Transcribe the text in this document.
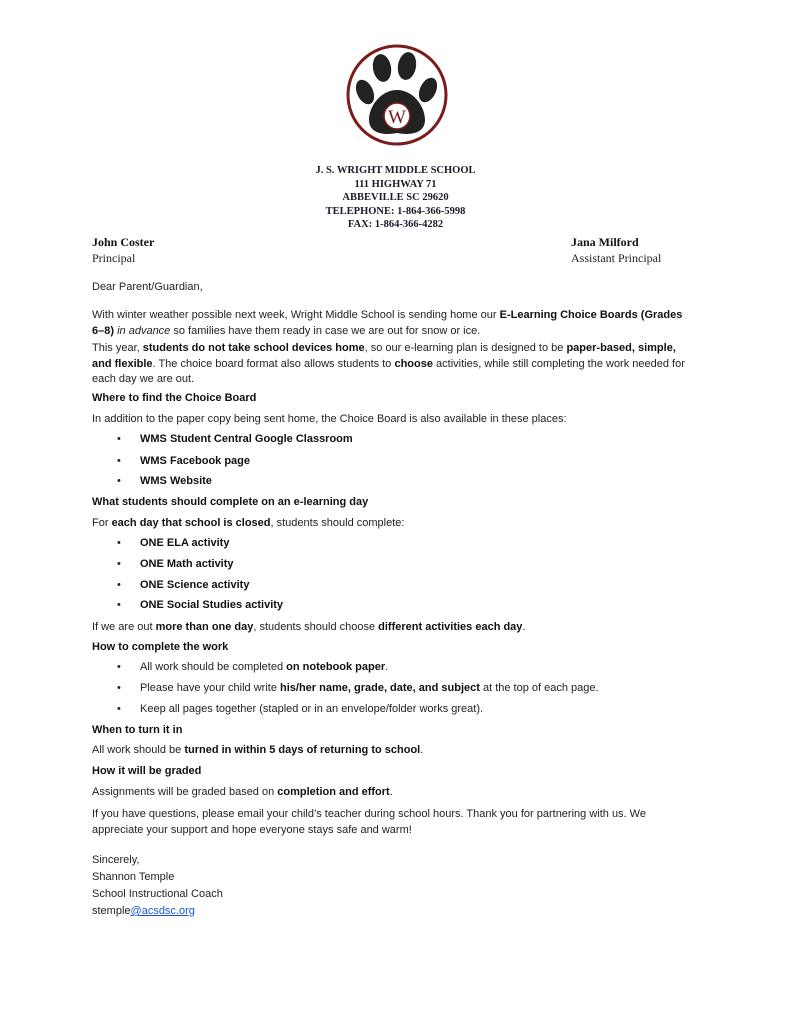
W
J. S. WRIGHT MIDDLE SCHOOL
111 HIGHWAY 71
ABBEVILLE SC 29620
TELEPHONE: 1-864-366-5998
FAX: 1-864-366-4282
John Coster
Principal
Jana Milford
Assistant Principal
Dear Parent/Guardian,
With winter weather possible next week, Wright Middle School is sending home our E-Learning Choice Boards (Grades 6–8) in advance so families have them ready in case we are out for snow or ice.
This year, students do not take school devices home, so our e-learning plan is designed to be paper-based, simple, and flexible. The choice board format also allows students to choose activities, while still completing the work needed for each day we are out.
Where to find the Choice Board
In addition to the paper copy being sent home, the Choice Board is also available in these places:
• WMS Student Central Google Classroom
• WMS Facebook page
• WMS Website
What students should complete on an e-learning day
For each day that school is closed, students should complete:
• ONE ELA activity
• ONE Math activity
• ONE Science activity
• ONE Social Studies activity
If we are out more than one day, students should choose different activities each day.
How to complete the work
• All work should be completed on notebook paper.
• Please have your child write his/her name, grade, date, and subject at the top of each page.
• Keep all pages together (stapled or in an envelope/folder works great).
When to turn it in
All work should be turned in within 5 days of returning to school.
How it will be graded
Assignments will be graded based on completion and effort.
If you have questions, please email your child’s teacher during school hours. Thank you for partnering with us. We appreciate your support and hope everyone stays safe and warm!
Sincerely,
Shannon Temple
School Instructional Coach
stemple@acsdsc.org
